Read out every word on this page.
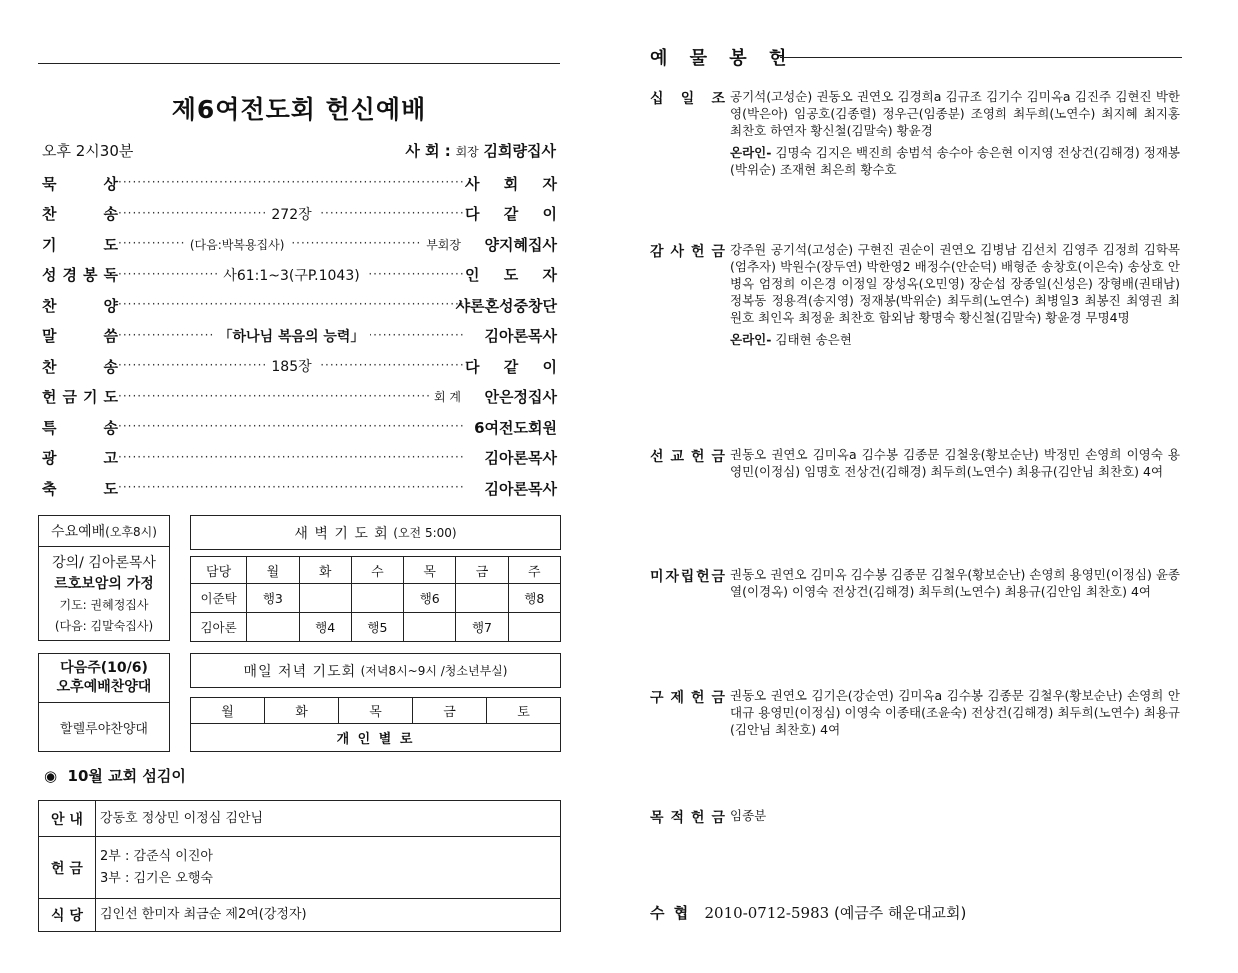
제6여전도회 헌신예배
오후 2시30분	사 회 : 회장 김희량집사
묵	상 ·····	사 회 자
찬	송	····· 272장	다 같 이
기	도	····· (다음:박복용집사)	부회장	양지혜집사
성 경 봉 독	····· 사61:1~3(구P.1043)	인 도 자
찬	양 ·····	샤론혼성중창단
말	씀	····· 「하나님 복음의 능력」	김아론목사
찬	송	····· 185장	다 같 이
헌 금 기 도	····· 회 계	안은정집사
특	송 ·····	6여전도회원
광	고 ·····	김아론목사
축	도 ·····	김아론목사
수요예배 (오후8시)
강의/ 김아론목사
르호보암의 가정
기도: 권혜정집사
(다음: 김말숙집사)
새 벽 기 도 회
(오전 5:00)
담당	월	화	수	목	금	주
이준탁	행3			행6		행8
김아론		행4	행5		행7	
다음주(10/6)
오후예배찬양대
할렐루야찬양대
매일 저녁 기도회
(저녁8시~9시 /청소년부실)
월	화	목	금	토
개 인 별 로
◉ 10월 교회 섬김이
안 내	강동호 정상민 이정심 김안님

헌 금	2부 : 감준식 이진아
3부 : 김기은 오행숙

식 당	김인선 한미자 최금순 제2여(강정자)
예 물 봉 헌
십 일 조 공기석(고성순) 권동오 권연오 김경희a 김규조 김기수 김미옥a 김진주 김현진 박한영(박은아) 임공호(김종렬) 정우근(임종분) 조영희 최두희(노연수) 최지혜 최지홍 최찬호 하연자 황신철(김말숙) 황윤경
온라인- 김명숙 김지은 백진희 송범석 송수아 송은현 이지영 전상건(김해경) 정재봉(박위순) 조재현 최은희 황수호
감 사 헌 금 강주원 공기석(고성순) 구현진 권순이 권연오 김병남 김선치 김영주 김정희 김학목(엄추자) 박원수(장두연) 박한영2 배정수(안순덕) 배형준 송창호(이은숙) 송상호 안병옥 엄정희 이은경 이정일 장성옥(오민영) 장순섭 장종일(신성은) 장형배(권태남) 정복동 정용격(송지영) 정재봉(박위순) 최두희(노연수) 최병일3 최봉진 최영권 최원호 최인옥 최정윤 최찬호 함외남 황명숙 황신철(김말숙) 황윤경 무명4명
온라인- 김태현 송은현
선 교 헌 금 권동오 권연오 김미옥a 김수봉 김종문 김철웅(황보순난) 박정민 손영희 이영숙 용영민(이정심) 임명호 전상건(김해경) 최두희(노연수) 최용규(김안님 최찬호) 4여
미 자 립 헌 금 권동오 권연오 김미옥 김수봉 김종문 김철우(황보순난) 손영희 용영민(이정심) 윤종열(이경옥) 이영숙 전상건(김해경) 최두희(노연수) 최용규(김안임 최찬호) 4여
구 제 헌 금 권동오 권연오 김기은(강순연) 김미옥a 김수봉 김종문 김철우(황보순난) 손영희 안대규 용영민(이정심) 이영숙 이종태(조윤숙) 전상건(김해경) 최두희(노연수) 최용규(김안님 최찬호) 4여
목 적 헌 금 임종분
수 협 2010-0712-5983 (예금주 해운대교회)
